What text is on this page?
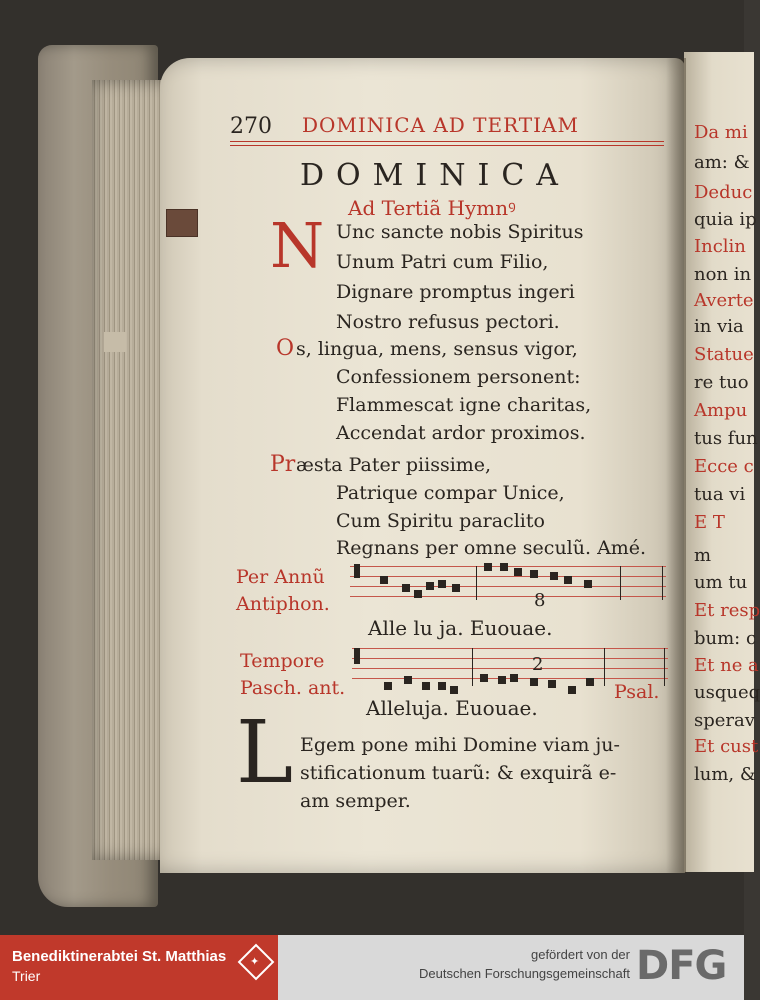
270 DOMINICA AD TERTIAM
DOMINICA
Ad Tertiã Hymnꝰ
N Unc sancte nobis Spiritus
Unum Patri cum Filio,
Dignare promptus ingeri
Nostro refusus pectori.
O s, lingua, mens, sensus vigor,
Confessionem personent:
Flammescat igne charitas,
Accendat ardor proximos.
Pr æsta Pater piissime,
Patrique compar Unice,
Cum Spiritu paraclito
Regnans per omne seculũ. Amé.
Per Annũ
Antiphon.	8
Alle lu ja. Euouae.
Tempore
Pasch. ant.
2
Alleluja. Euouae.
Psal.
L Egem pone mihi Domine viam ju-
stificationum tuarũ: & exquirã e-
am semper.
Da mi
am: &
Deduc
quia ip
Inclin
non in
Averte
in via
Statue
re tuo
Ampu
tus fun
Ecce c
tua vi
E T
m
um tu
Et resp
bum: c
Et ne a
usqueq
sperav
Et cust
lum, &
Benediktinerabtei St. Matthias
Trier
✦	gefördert von der
Deutschen Forschungsgemeinschaft DFG
